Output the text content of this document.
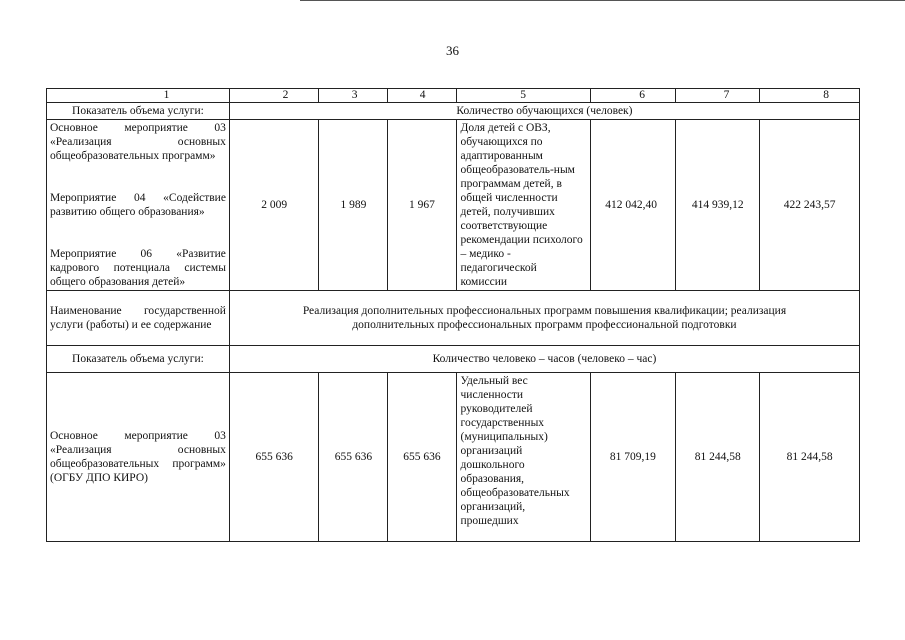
36
1	2	3	4	5	6	7	8
Показатель объема услуги:	Количество обучающихся (человек)						

Основное мероприятие 03 «Реализация основных общеобразовательных программ»
Мероприятие 04 «Содействие развитию общего образования»
Мероприятие 06 «Развитие кадрового потенциала системы общего образования детей»	2 009	1 989	1 967	Доля детей с ОВЗ, обучающихся по адаптированным общеобразователь-ным программам детей, в общей численности детей, получивших соответствующие рекомендации психолого – медико - педагогической комиссии	412 042,40	414 939,12	422 243,57
Наименование государственной услуги (работы) и ее содержание	Реализация дополнительных профессиональных программ повышения квалификации; реализация дополнительных профессиональных программ профессиональной подготовки						
Показатель объема услуги:	Количество человеко – часов (человеко – час)						
Основное мероприятие 03 «Реализация основных общеобразовательных программ» (ОГБУ ДПО КИРО)	655 636	655 636	655 636	Удельный вес численности руководителей государственных (муниципальных) организаций дошкольного образования, общеобразовательных организаций, прошедших	81 709,19	81 244,58	81 244,58
